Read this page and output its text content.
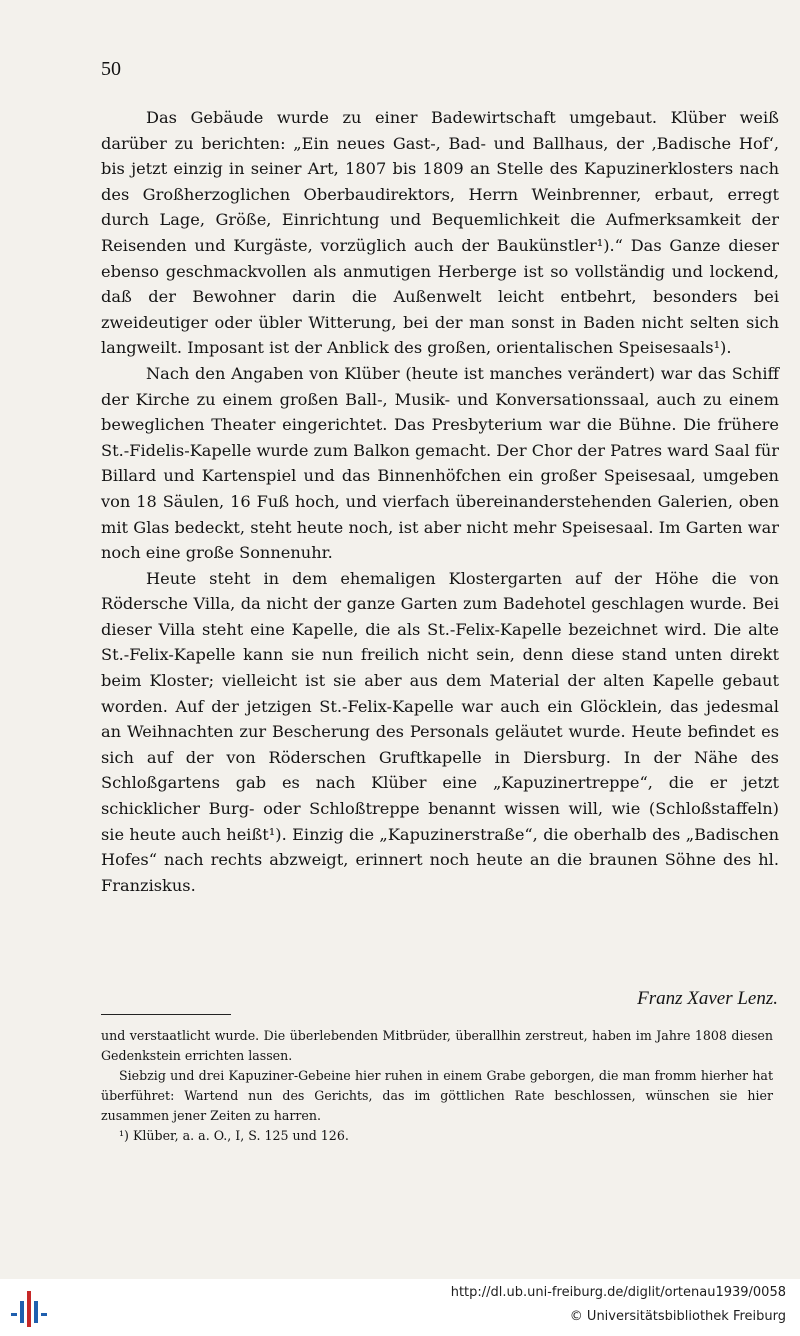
50

Das Gebäude wurde zu einer Badewirtschaft umgebaut. Klüber weiß darüber zu berichten: „Ein neues Gast-, Bad- und Ballhaus, der ‚Badische Hof‘, bis jetzt einzig in seiner Art, 1807 bis 1809 an Stelle des Kapuzinerklosters nach des Großherzoglichen Oberbaudirektors, Herrn Weinbrenner, erbaut, erregt durch Lage, Größe, Einrichtung und Bequemlichkeit die Aufmerksamkeit der Reisenden und Kurgäste, vorzüglich auch der Baukünstler¹).“ Das Ganze dieser ebenso geschmackvollen als anmutigen Herberge ist so vollständig und lockend, daß der Bewohner darin die Außenwelt leicht entbehrt, besonders bei zweideutiger oder übler Witterung, bei der man sonst in Baden nicht selten sich langweilt. Imposant ist der Anblick des großen, orientalischen Speisesaals¹).

Nach den Angaben von Klüber (heute ist manches verändert) war das Schiff der Kirche zu einem großen Ball-, Musik- und Konversationssaal, auch zu einem beweglichen Theater eingerichtet. Das Presbyterium war die Bühne. Die frühere St.-Fidelis-Kapelle wurde zum Balkon gemacht. Der Chor der Patres ward Saal für Billard und Kartenspiel und das Binnenhöfchen ein großer Speisesaal, umgeben von 18 Säulen, 16 Fuß hoch, und vierfach übereinanderstehenden Galerien, oben mit Glas bedeckt, steht heute noch, ist aber nicht mehr Speisesaal. Im Garten war noch eine große Sonnenuhr.

Heute steht in dem ehemaligen Klostergarten auf der Höhe die von Rödersche Villa, da nicht der ganze Garten zum Badehotel geschlagen wurde. Bei dieser Villa steht eine Kapelle, die als St.-Felix-Kapelle bezeichnet wird. Die alte St.-Felix-Kapelle kann sie nun freilich nicht sein, denn diese stand unten direkt beim Kloster; vielleicht ist sie aber aus dem Material der alten Kapelle gebaut worden. Auf der jetzigen St.-Felix-Kapelle war auch ein Glöcklein, das jedesmal an Weihnachten zur Bescherung des Personals geläutet wurde. Heute befindet es sich auf der von Röderschen Gruftkapelle in Diersburg. In der Nähe des Schloßgartens gab es nach Klüber eine „Kapuzinertreppe“, die er jetzt schicklicher Burg- oder Schloßtreppe benannt wissen will, wie (Schloßstaffeln) sie heute auch heißt¹). Einzig die „Kapuzinerstraße“, die oberhalb des „Badischen Hofes“ nach rechts abzweigt, erinnert noch heute an die braunen Söhne des hl. Franziskus.

Franz Xaver Lenz.

und verstaatlicht wurde. Die überlebenden Mitbrüder, überallhin zerstreut, haben im Jahre 1808 diesen Gedenkstein errichten lassen.

Siebzig und drei Kapuziner-Gebeine hier ruhen in einem Grabe geborgen, die man fromm hierher hat überführet: Wartend nun des Gerichts, das im göttlichen Rate beschlossen, wünschen sie hier zusammen jener Zeiten zu harren.

¹) Klüber, a. a. O., I, S. 125 und 126.

http://dl.ub.uni-freiburg.de/diglit/ortenau1939/0058
© Universitätsbibliothek Freiburg
